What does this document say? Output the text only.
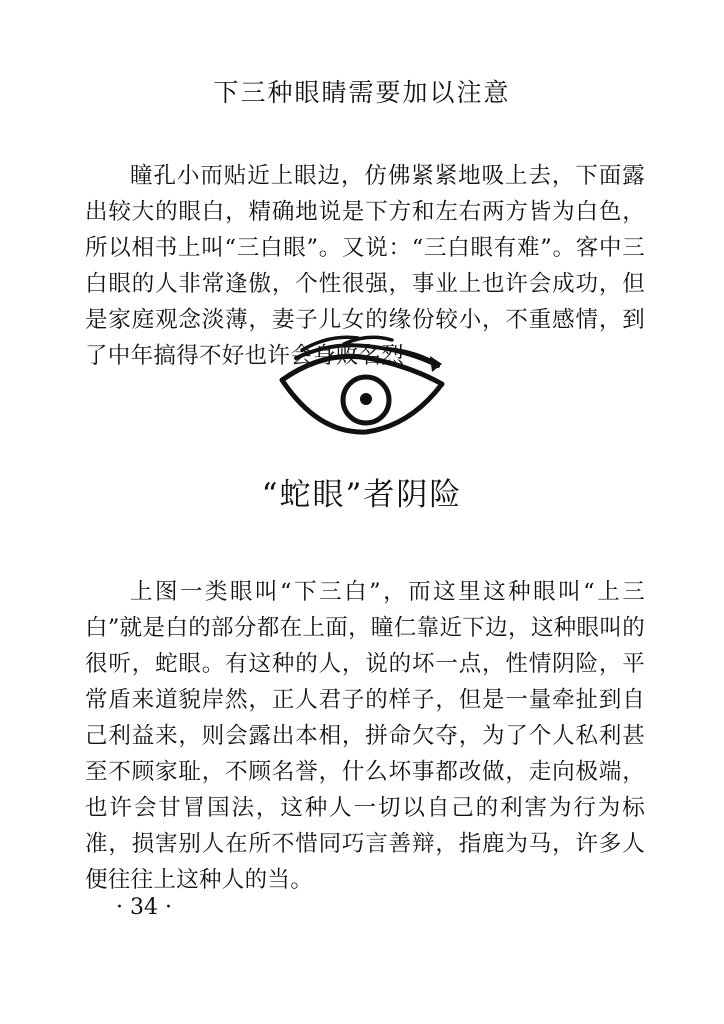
下三种眼睛需要加以注意

瞳孔小而贴近上眼边，仿佛紧紧地吸上去，下面露出较大的眼白，精确地说是下方和左右两方皆为白色，所以相书上叫“三白眼”。又说：“三白眼有难”。客中三白眼的人非常逢傲，个性很强，事业上也许会成功，但是家庭观念淡薄，妻子儿女的缘份较小，不重感情，到了中年搞得不好也许会身败名烈

“蛇眼”者阴险

上图一类眼叫“下三白”，而这里这种眼叫“上三白”就是白的部分都在上面，瞳仁靠近下边，这种眼叫的很听，蛇眼。有这种的人，说的坏一点，性情阴险，平常盾来道貌岸然，正人君子的样子，但是一量牵扯到自己利益来，则会露出本相，拼命欠夺，为了个人私利甚至不顾家耻，不顾名誉，什么坏事都改做，走向极端，也许会甘冒国法，这种人一切以自己的利害为行为标准，损害别人在所不惜同巧言善辩，指鹿为马，许多人便往往上这种人的当。

· 34 ·
